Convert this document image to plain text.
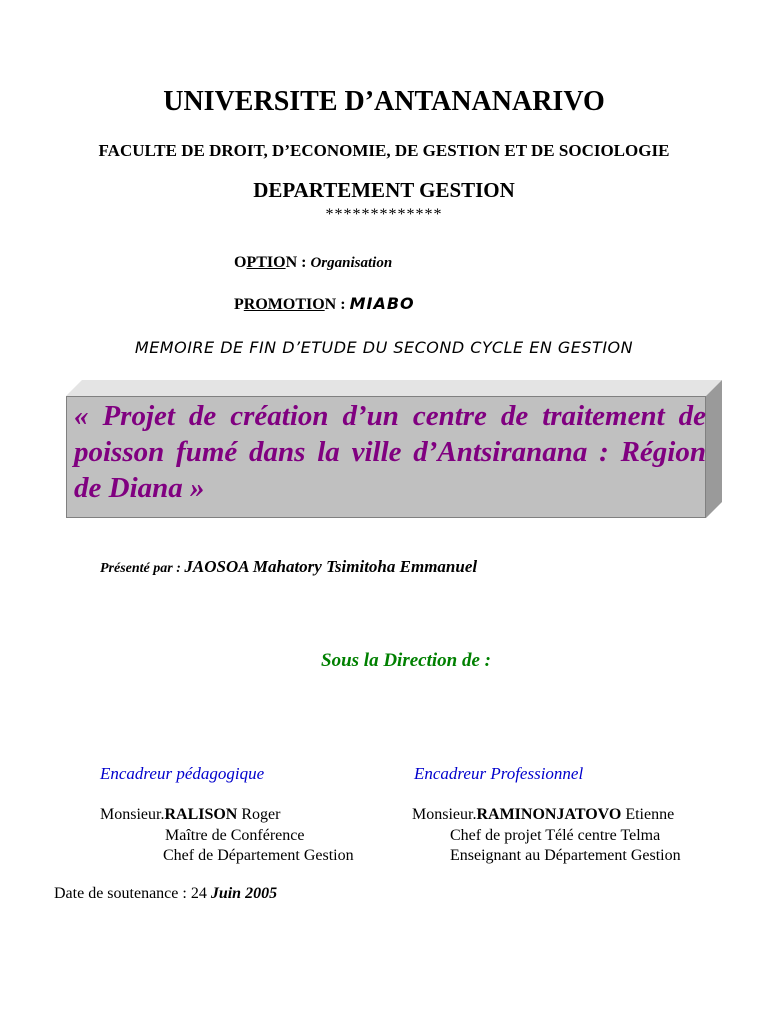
UNIVERSITE D’ANTANANARIVO
FACULTE DE DROIT, D’ECONOMIE, DE GESTION ET DE SOCIOLOGIE
DEPARTEMENT GESTION
*************
OPTION : Organisation
PROMOTION : MIABO
MEMOIRE DE FIN D’ETUDE DU SECOND CYCLE EN GESTION
« Projet de création d’un centre de traitement de poisson fumé dans la ville d’Antsiranana : Région de Diana »
Présenté par : JAOSOA Mahatory Tsimitoha Emmanuel
Sous la Direction de :
Encadreur pédagogique	Encadreur Professionnel
Monsieur.RALISON Roger
Maître de Conférence
Chef de Département Gestion
Monsieur.RAMINONJATOVO Etienne
Chef de projet Télé centre Telma
Enseignant au Département Gestion
Date de soutenance : 24 Juin 2005
